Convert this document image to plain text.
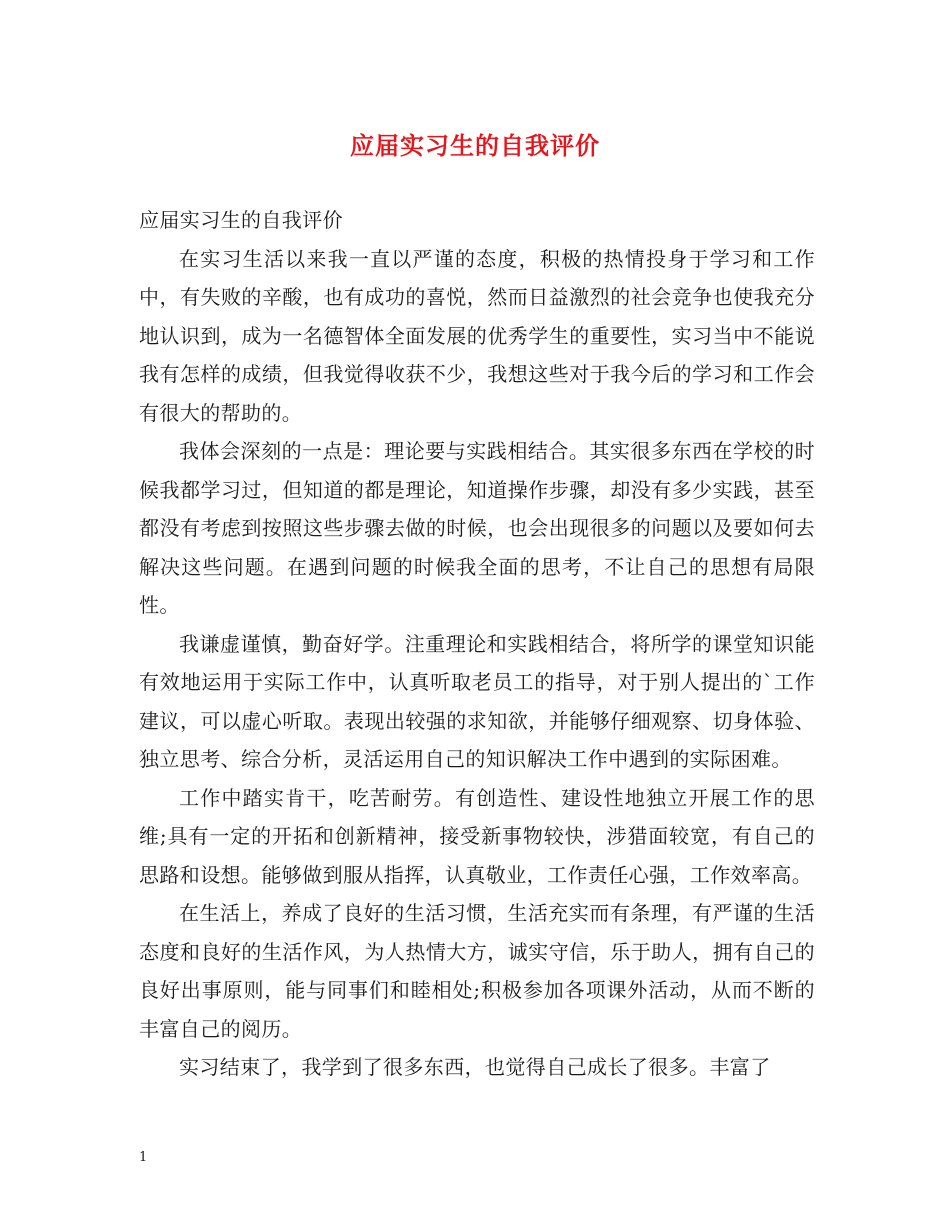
应届实习生的自我评价

应届实习生的自我评价

在实习生活以来我一直以严谨的态度，积极的热情投身于学习和工作中，有失败的辛酸，也有成功的喜悦，然而日益激烈的社会竞争也使我充分地认识到，成为一名德智体全面发展的优秀学生的重要性，实习当中不能说我有怎样的成绩，但我觉得收获不少，我想这些对于我今后的学习和工作会有很大的帮助的。

我体会深刻的一点是：理论要与实践相结合。其实很多东西在学校的时候我都学习过，但知道的都是理论，知道操作步骤，却没有多少实践，甚至都没有考虑到按照这些步骤去做的时候，也会出现很多的问题以及要如何去解决这些问题。在遇到问题的时候我全面的思考，不让自己的思想有局限性。

我谦虚谨慎，勤奋好学。注重理论和实践相结合，将所学的课堂知识能有效地运用于实际工作中，认真听取老员工的指导，对于别人提出的`工作建议，可以虚心听取。表现出较强的求知欲，并能够仔细观察、切身体验、独立思考、综合分析，灵活运用自己的知识解决工作中遇到的实际困难。

工作中踏实肯干，吃苦耐劳。有创造性、建设性地独立开展工作的思维;具有一定的开拓和创新精神，接受新事物较快，涉猎面较宽，有自己的思路和设想。能够做到服从指挥，认真敬业，工作责任心强，工作效率高。

在生活上，养成了良好的生活习惯，生活充实而有条理，有严谨的生活态度和良好的生活作风，为人热情大方，诚实守信，乐于助人，拥有自己的良好出事原则，能与同事们和睦相处;积极参加各项课外活动，从而不断的丰富自己的阅历。

实习结束了，我学到了很多东西，也觉得自己成长了很多。丰富了

1
